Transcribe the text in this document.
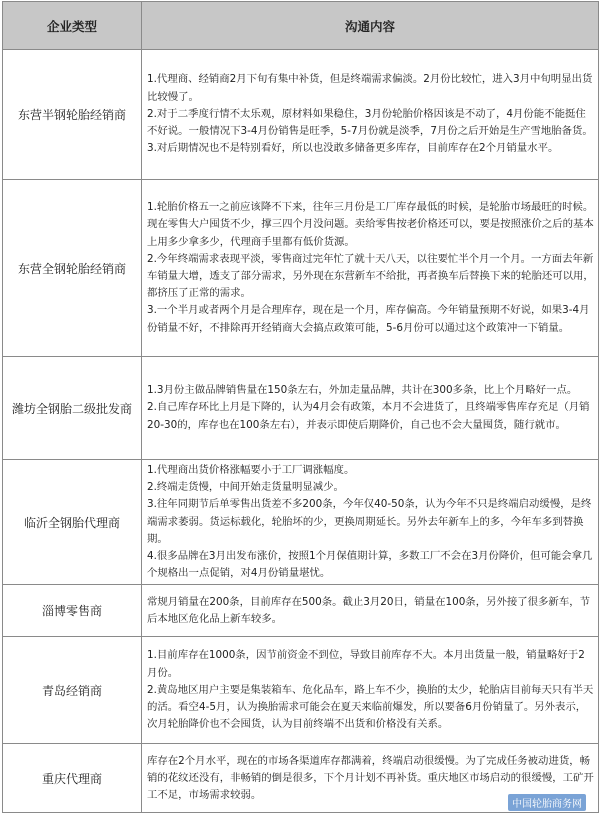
企业类型	沟通内容
东营半钢轮胎经销商	1.代理商、经销商2月下旬有集中补货，但是终端需求偏淡。2月份比较忙，进入3月中旬明显出货比较慢了。
2.对于二季度行情不太乐观，原材料如果稳住，3月份轮胎价格因该是不动了，4月份能不能挺住不好说。一般情况下3-4月份销售是旺季，5-7月份就是淡季，7月份之后开始是生产雪地胎备货。
3.对后期情况也不是特别看好，所以也没敢多储备更多库存，目前库存在2个月销量水平。

东营全钢轮胎经销商	1.轮胎价格五一之前应该降不下来，往年三月份是工厂库存最低的时候，是轮胎市场最旺的时候。现在零售大户囤货不少，撑三四个月没问题。卖给零售按老价格还可以，要是按照涨价之后的基本上用多少拿多少，代理商手里都有低价货源。
2.今年终端需求表现平淡，零售商过完年忙了就十天八天，以往要忙半个月一个月。一方面去年新车销量大增，透支了部分需求，另外现在东营新车不给批，再者换车后替换下来的轮胎还可以用，都挤压了正常的需求。
3.一个半月或者两个月是合理库存，现在是一个月，库存偏高。今年销量预期不好说，如果3-4月份销量不好，不排除再开经销商大会搞点政策可能，5-6月份可以通过这个政策冲一下销量。

潍坊全钢胎二级批发商	1.3月份主做品牌销售量在150条左右，外加走量品牌，共计在300多条，比上个月略好一点。
2.自己库存环比上月是下降的，认为4月会有政策，本月不会进货了，且终端零售库存充足（月销20-30的，库存也在100条左右），并表示即使后期降价，自己也不会大量囤货，随行就市。

临沂全钢胎代理商	1.代理商出货价格涨幅要小于工厂调涨幅度。
2.终端走货慢，中间开始走货量明显减少。
3.往年同期节后单零售出货差不多200条，今年仅40-50条，认为今年不只是终端启动缓慢，是终端需求萎弱。货运标载化，轮胎坏的少，更换周期延长。另外去年新车上的多，今年车多到替换期。
4.很多品牌在3月出发布涨价，按照1个月保值期计算，多数工厂不会在3月份降价，但可能会拿几个规格出一点促销，对4月份销量堪忧。

淄博零售商	常规月销量在200条，目前库存在500条。截止3月20日，销量在100条，另外接了很多新车，节后本地区危化品上新车较多。

青岛经销商	1.目前库存在1000条，因节前资金不到位，导致目前库存不大。本月出货量一般，销量略好于2月份。
2.黄岛地区用户主要是集装箱车、危化品车，路上车不少，换胎的太少，轮胎店目前每天只有半天的活。看空4-5月，认为换胎需求可能会在夏天来临前爆发，所以要备6月份销量了。另外表示，次月轮胎降价也不会囤货，认为目前终端不出货和价格没有关系。

重庆代理商	库存在2个月水平，现在的市场各渠道库存都满着，终端启动很缓慢。为了完成任务被动进货，畅销的花纹还没有，非畅销的倒是很多，下个月计划不再补货。重庆地区市场启动的很缓慢，工矿开工不足，市场需求较弱。
中国轮胎商务网
